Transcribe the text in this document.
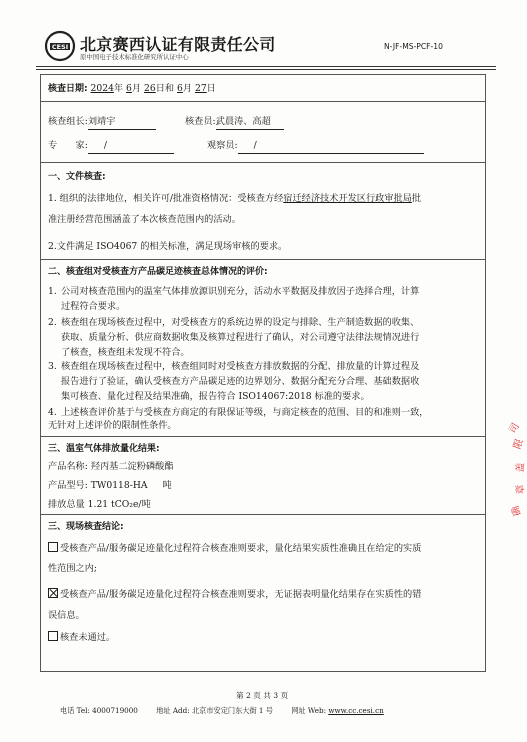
CESI 北京赛西认证有限责任公司
原中国电子技术标准化研究所认证中心
N-JF-MS-PCF-10
核查日期: 2024年 6月 26日和 6月 27日
核查组长:刘靖宇	核查员:武晨涛、高超
专　　家: /	观察员: /
一、文件核查:
1. 组织的法律地位，相关许可/批准资格情况：受核查方经宿迁经济技术开发区行政审批局批
准注册经营范围涵盖了本次核查范围内的活动。
2.文件满足 ISO4067 的相关标准，满足现场审核的要求。
二、核查组对受核查方产品碳足迹核查总体情况的评价:
1. 公司对核查范围内的温室气体排放源识别充分，活动水平数据及排放因子选择合理，计算
过程符合要求。
2. 核查组在现场核查过程中，对受核查方的系统边界的设定与排除、生产制造数据的收集、
获取、质量分析、供应商数据收集及核算过程进行了确认，对公司遵守法律法规情况进行
了核查，核查组未发现不符合。
3. 核查组在现场核查过程中，核查组同时对受核查方排放数据的分配、排放量的计算过程及
报告进行了验证，确认受核查方产品碳足迹的边界划分、数据分配充分合理、基础数据收
集可核查、量化过程及结果准确，报告符合 ISO14067:2018 标准的要求。
4. 上述核查评价基于与受核查方商定的有限保证等级，与商定核查的范围、目的和准则一致，
无针对上述评价的限制性条件。
三、温室气体排放量化结果:
产品名称: 羟丙基二淀粉磷酸酯
产品型号: TW0118-HA 吨
排放总量 1.21 tCO₂e/吨
三、现场核查结论:
受核查产品/服务碳足迹量化过程符合核查准则要求，量化结果实质性准确且在给定的实质
性范围之内;
受核查产品/服务碳足迹量化过程符合核查准则要求，无证据表明量化结果存在实质性的错
误信息。
核查未通过。
司
限
盖
章
确
第 2 页 共 3 页
电话 Tel: 4000719000	地址 Add: 北京市安定门东大街 1 号	网址 Web: www.cc.cesi.cn
